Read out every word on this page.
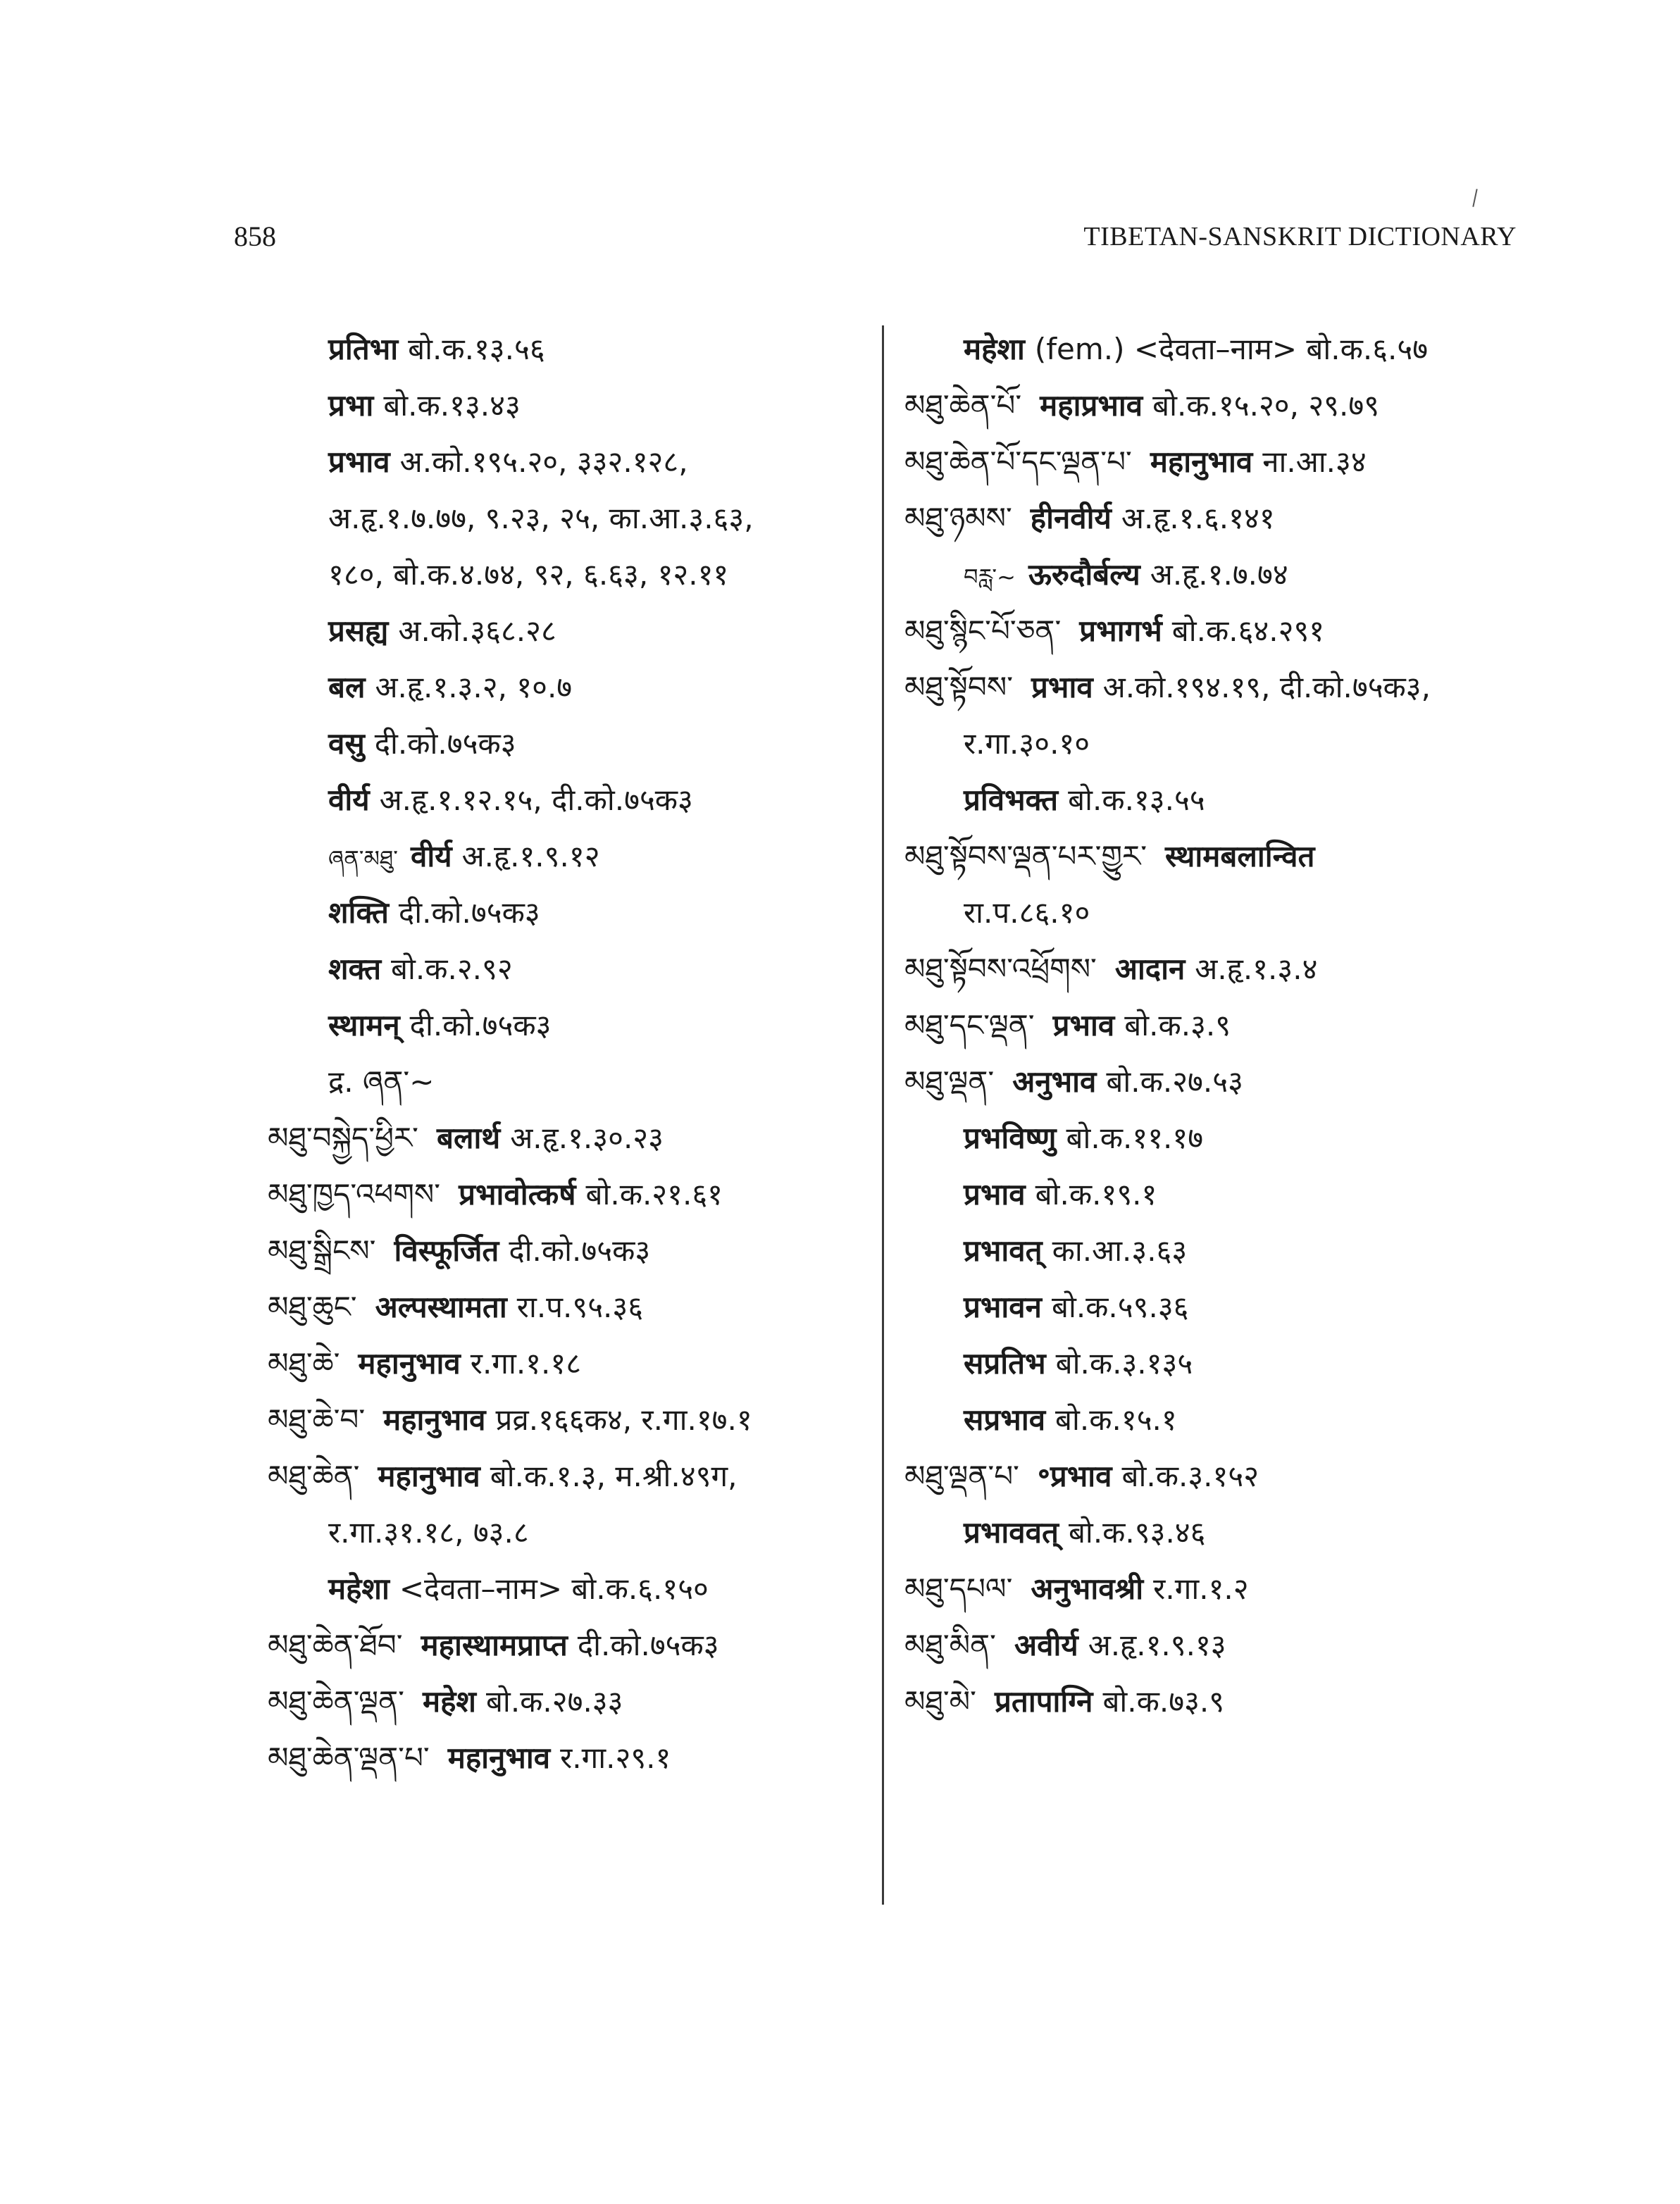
858	TIBETAN-SANSKRIT DICTIONARY
प्रतिभा बो.क.१३.५६
प्रभा बो.क.१३.४३
प्रभाव अ.को.१९५.२०, ३३२.१२८,
अ.हृ.१.७.७७, ९.२३, २५, का.आ.३.६३,
१८०, बो.क.४.७४, ९२, ६.६३, १२.११
प्रसह्य अ.को.३६८.२८
बल अ.हृ.१.३.२, १०.७
वसु दी.को.७५क३
वीर्य अ.हृ.१.१२.१५, दी.को.७५क३
ཞན་མཐུ་ वीर्य अ.हृ.१.९.१२
शक्ति दी.को.७५क३
शक्त बो.क.२.९२
स्थामन् दी.को.७५क३
द्र. ཞན་~
མཐུ་བསྐྱེད་ཕྱིར་ बलार्थ अ.हृ.१.३०.२३
མཐུ་ཁྱད་འཕགས་ प्रभावोत्कर्ष बो.क.२१.६१
མཐུ་སྒྲིངས་ विस्फूर्जित दी.को.७५क३
མཐུ་ཆུང་ अल्पस्थामता रा.प.९५.३६
མཐུ་ཆེ་ महानुभाव र.गा.१.१८
མཐུ་ཆེ་བ་ महानुभाव प्रव्र.१६६क४, र.गा.१७.१
མཐུ་ཆེན་ महानुभाव बो.क.१.३, म.श्री.४९ग,
र.गा.३१.१८, ७३.८
महेशा <देवता–नाम> बो.क.६.१५०
མཐུ་ཆེན་ཐོབ་ महास्थामप्राप्त दी.को.७५क३
མཐུ་ཆེན་ལྡན་ महेश बो.क.२७.३३
མཐུ་ཆེན་ལྡན་པ་ महानुभाव र.गा.२९.१
महेशा (fem.) <देवता–नाम> बो.क.६.५७
མཐུ་ཆེན་པོ་ महाप्रभाव बो.क.१५.२०, २९.७९
མཐུ་ཆེན་པོ་དང་ལྡན་པ་ महानुभाव ना.आ.३४
མཐུ་ཉམས་ हीनवीर्य अ.हृ.१.६.१४१
བརླ་~ ऊरुदौर्बल्य अ.हृ.१.७.७४
མཐུ་སྙིང་པོ་ཅན་ प्रभागर्भ बो.क.६४.२९१
མཐུ་སྟོབས་ प्रभाव अ.को.१९४.१९, दी.को.७५क३,
र.गा.३०.१०
प्रविभक्त बो.क.१३.५५
མཐུ་སྟོབས་ལྡན་པར་གྱུར་ स्थामबलान्वित
रा.प.८६.१०
མཐུ་སྟོབས་འཕྲོགས་ आदान अ.हृ.१.३.४
མཐུ་དང་ལྡན་ प्रभाव बो.क.३.९
མཐུ་ལྡན་ अनुभाव बो.क.२७.५३
प्रभविष्णु बो.क.११.१७
प्रभाव बो.क.१९.१
प्रभावत् का.आ.३.६३
प्रभावन बो.क.५९.३६
सप्रतिभ बो.क.३.१३५
सप्रभाव बो.क.१५.१
མཐུ་ལྡན་པ་ ॰प्रभाव बो.क.३.१५२
प्रभाववत् बो.क.९३.४६
མཐུ་དཔལ་ अनुभावश्री र.गा.१.२
མཐུ་མིན་ अवीर्य अ.हृ.१.९.१३
མཐུ་མེ་ प्रतापाग्नि बो.क.७३.९
